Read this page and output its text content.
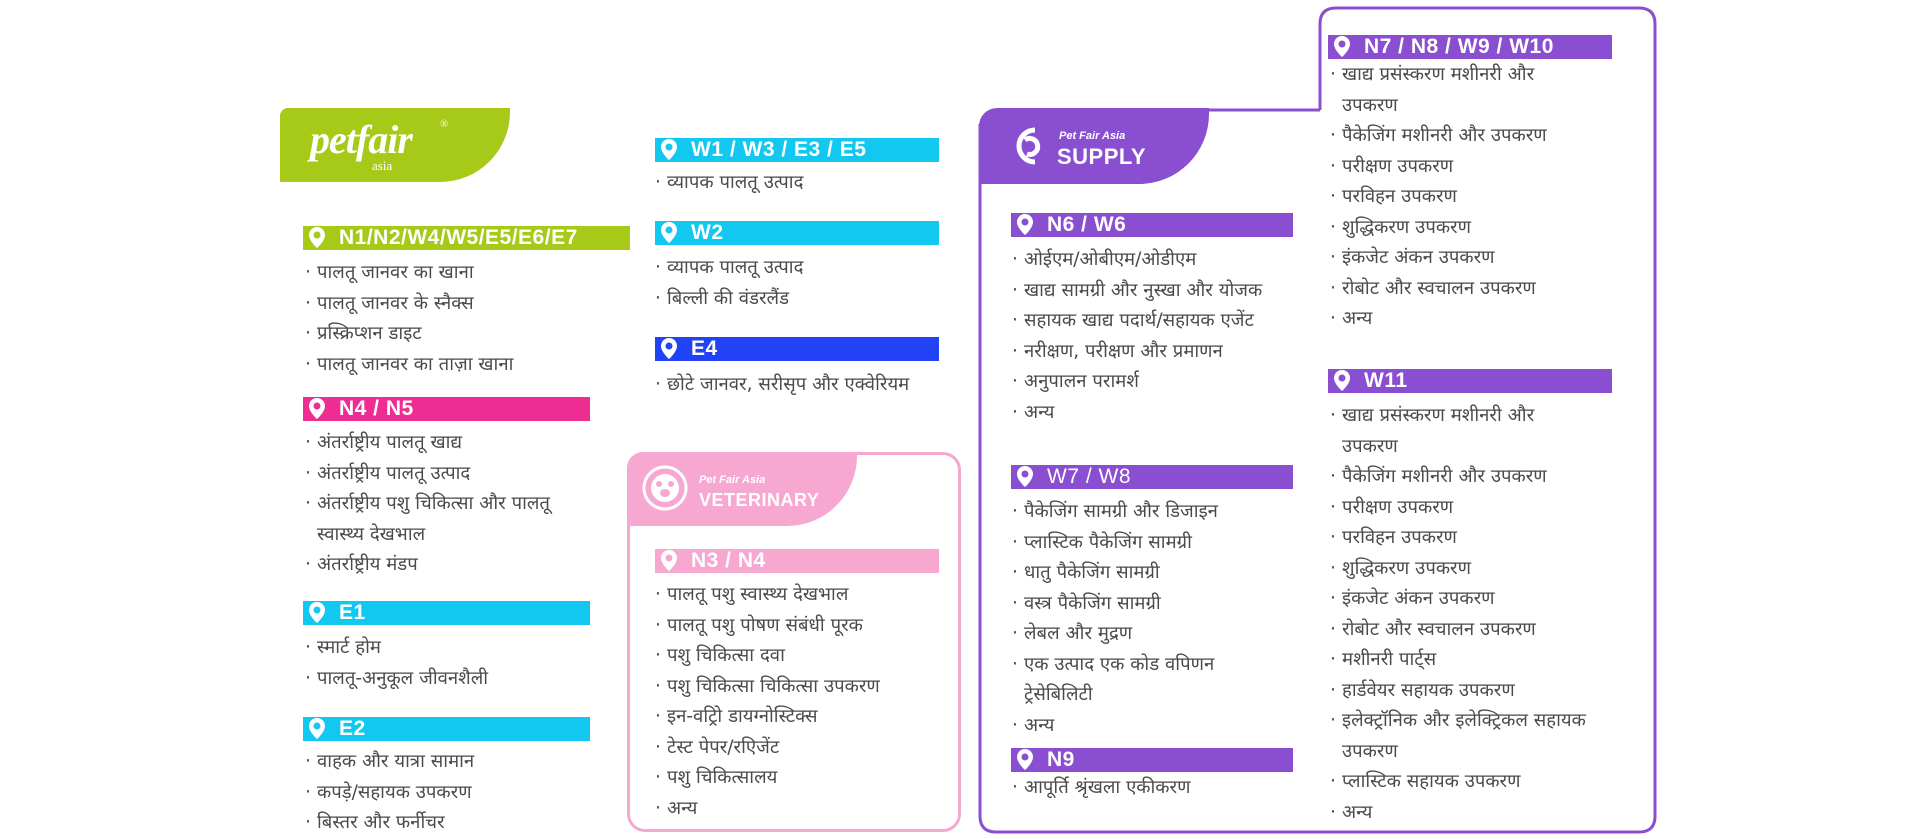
petfair	®
asia
Pet Fair Asia
VETERINARY
Pet Fair Asia
SUPPLY
N1/N2/W4/W5/E5/E6/E7
· पालतू जानवर का खाना
· पालतू जानवर के स्नैक्स
· प्रस्क्रिप्शन डाइट
· पालतू जानवर का ताज़ा खाना
N4 / N5
· अंतर्राष्ट्रीय पालतू खाद्य
· अंतर्राष्ट्रीय पालतू उत्पाद
· अंतर्राष्ट्रीय पशु चिकित्सा और पालतू स्वास्थ्य देखभाल
· अंतर्राष्ट्रीय मंडप
E1
· स्मार्ट होम
· पालतू-अनुकूल जीवनशैली
E2
· वाहक और यात्रा सामान
· कपड़े/सहायक उपकरण
· बिस्तर और फर्नीचर
W1 / W3 / E3 / E5
· व्यापक पालतू उत्पाद
W2
· व्यापक पालतू उत्पाद
· बिल्ली की वंडरलैंड
E4
· छोटे जानवर, सरीसृप और एक्वेरियम
N3 / N4
· पालतू पशु स्वास्थ्य देखभाल
· पालतू पशु पोषण संबंधी पूरक
· पशु चिकित्सा दवा
· पशु चिकित्सा चिकित्सा उपकरण
· इन-वट्रिो डायग्नोस्टिक्स
· टेस्ट पेपर/रएिजेंट
· पशु चिकित्सालय
· अन्य
N6 / W6
· ओईएम/ओबीएम/ओडीएम
· खाद्य सामग्री और नुस्खा और योजक
· सहायक खाद्य पदार्थ/सहायक एजेंट
· नरीक्षण, परीक्षण और प्रमाणन
· अनुपालन परामर्श
· अन्य
W7 / W8
· पैकेजिंग सामग्री और डिजाइन
· प्लास्टिक पैकेजिंग सामग्री
· धातु पैकेजिंग सामग्री
· वस्त्र पैकेजिंग सामग्री
· लेबल और मुद्रण
· एक उत्पाद एक कोड वपिणन ट्रेसेबिलिटी
· अन्य
N9
· आपूर्ति श्रृंखला एकीकरण
N7 / N8 / W9 / W10
· खाद्य प्रसंस्करण मशीनरी और उपकरण
· पैकेजिंग मशीनरी और उपकरण
· परीक्षण उपकरण
· परविहन उपकरण
· शुद्धिकरण उपकरण
· इंकजेट अंकन उपकरण
· रोबोट और स्वचालन उपकरण
· अन्य
W11
· खाद्य प्रसंस्करण मशीनरी और उपकरण
· पैकेजिंग मशीनरी और उपकरण
· परीक्षण उपकरण
· परविहन उपकरण
· शुद्धिकरण उपकरण
· इंकजेट अंकन उपकरण
· रोबोट और स्वचालन उपकरण
· मशीनरी पार्ट्स
· हार्डवेयर सहायक उपकरण
· इलेक्ट्रॉनिक और इलेक्ट्रिकल सहायक उपकरण
· प्लास्टिक सहायक उपकरण
· अन्य
